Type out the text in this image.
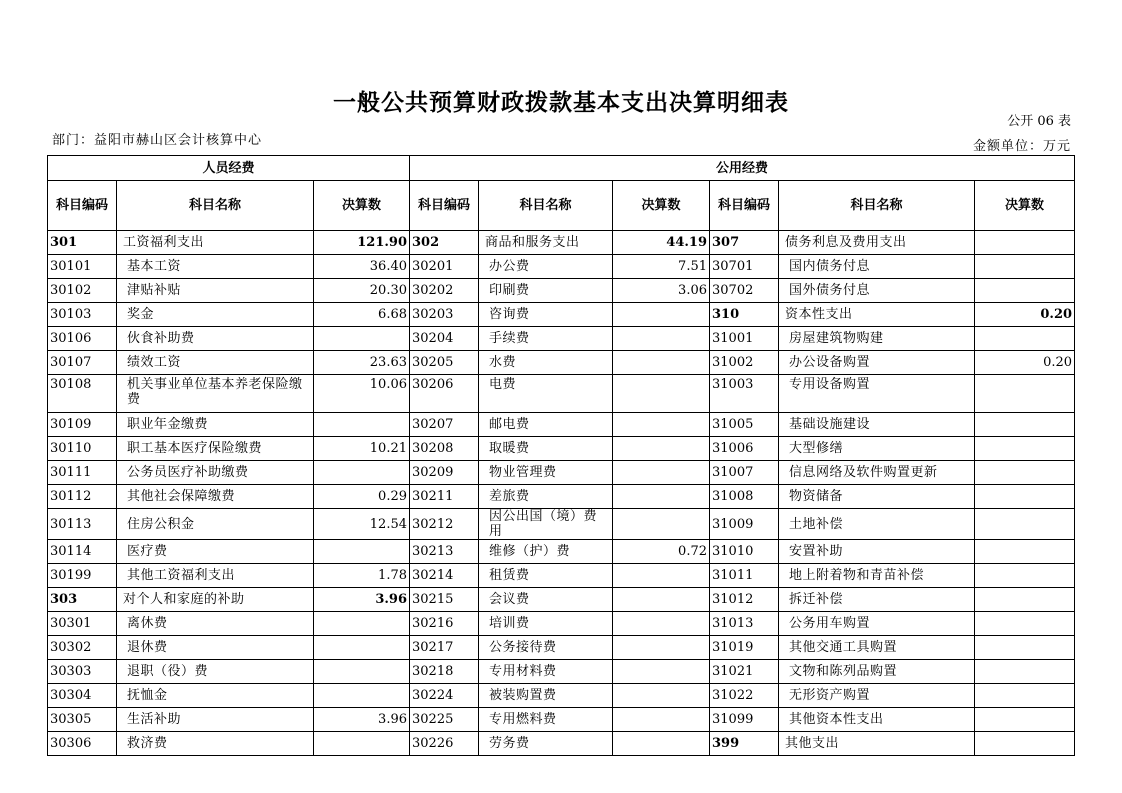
一般公共预算财政拨款基本支出决算明细表
公开 06 表
部门：益阳市赫山区会计核算中心	金额单位：万元
人员经费			公用经费					
科目编码	科目名称	决算数	科目编码	科目名称	决算数	科目编码	科目名称	决算数
301	工资福利支出	121.90	302	商品和服务支出	44.19	307	债务利息及费用支出	
30101	基本工资	36.40	30201	办公费	7.51	30701	国内债务付息	
30102	津贴补贴	20.30	30202	印刷费	3.06	30702	国外债务付息	
30103	奖金	6.68	30203	咨询费		310	资本性支出	0.20
30106	伙食补助费		30204	手续费		31001	房屋建筑物购建	
30107	绩效工资	23.63	30205	水费		31002	办公设备购置	0.20
30108	机关事业单位基本养老保险缴费	10.06	30206	电费		31003	专用设备购置	
30109	职业年金缴费		30207	邮电费		31005	基础设施建设	
30110	职工基本医疗保险缴费	10.21	30208	取暖费		31006	大型修缮	
30111	公务员医疗补助缴费		30209	物业管理费		31007	信息网络及软件购置更新	
30112	其他社会保障缴费	0.29	30211	差旅费		31008	物资储备	
30113	住房公积金	12.54	30212	因公出国（境）费用		31009	土地补偿	
30114	医疗费		30213	维修（护）费	0.72	31010	安置补助	
30199	其他工资福利支出	1.78	30214	租赁费		31011	地上附着物和青苗补偿	
303	对个人和家庭的补助	3.96	30215	会议费		31012	拆迁补偿	
30301	离休费		30216	培训费		31013	公务用车购置	
30302	退休费		30217	公务接待费		31019	其他交通工具购置	
30303	退职（役）费		30218	专用材料费		31021	文物和陈列品购置	
30304	抚恤金		30224	被装购置费		31022	无形资产购置	
30305	生活补助	3.96	30225	专用燃料费		31099	其他资本性支出	
30306	救济费		30226	劳务费		399	其他支出	
